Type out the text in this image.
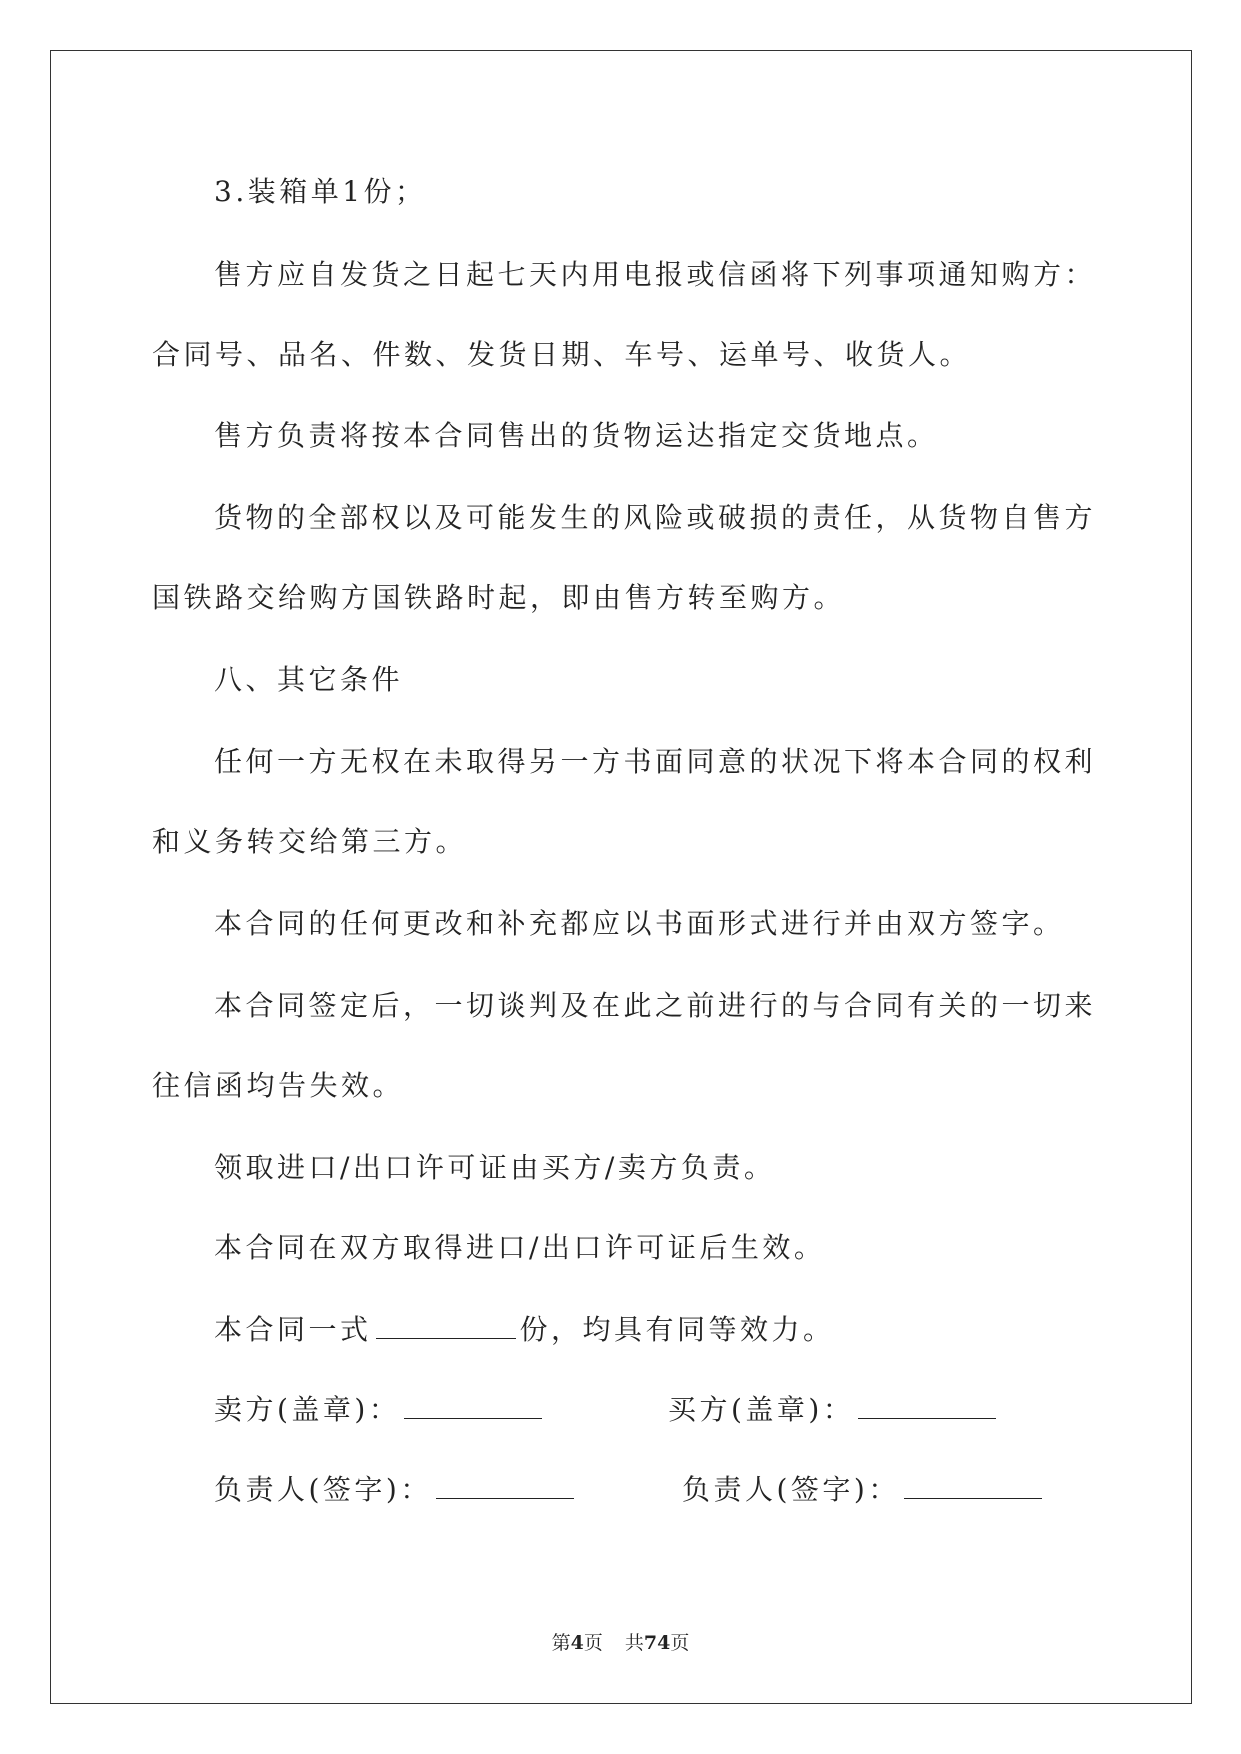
3.装箱单1份；
售方应自发货之日起七天内用电报或信函将下列事项通知购方：
合同号、品名、件数、发货日期、车号、运单号、收货人。
售方负责将按本合同售出的货物运达指定交货地点。
货物的全部权以及可能发生的风险或破损的责任，从货物自售方
国铁路交给购方国铁路时起，即由售方转至购方。
八、其它条件
任何一方无权在未取得另一方书面同意的状况下将本合同的权利
和义务转交给第三方。
本合同的任何更改和补充都应以书面形式进行并由双方签字。
本合同签定后，一切谈判及在此之前进行的与合同有关的一切来
往信函均告失效。
领取进口/出口许可证由买方/卖方负责。
本合同在双方取得进口/出口许可证后生效。
本合同一式	份，均具有同等效力。
卖方(盖章)：	买方(盖章)：
负责人(签字)：	负责人(签字)：
第4页 共74页
